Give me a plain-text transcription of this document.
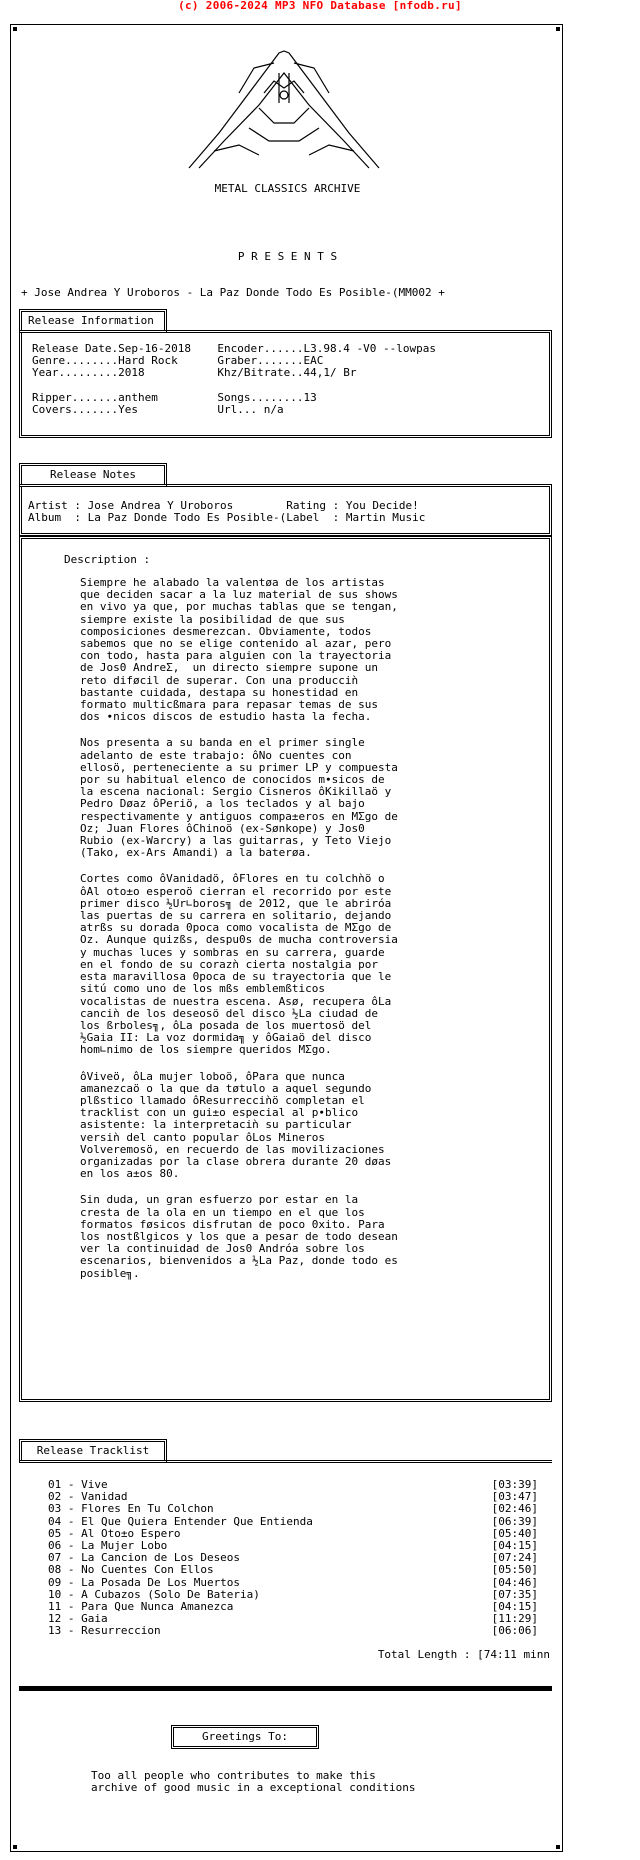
(c) 2006-2024 MP3 NFO Database [nfodb.ru]
METAL CLASSICS ARCHIVE
P R E S E N T S
+ Jose Andrea Y Uroboros - La Paz Donde Todo Es Posible-(MM002 +
Release Information
Release Date.Sep-16-2018    Encoder......L3.98.4 -V0 --lowpas
Genre........Hard Rock      Graber.......EAC
Year.........2018           Khz/Bitrate..44,1/ Br

Ripper.......anthem         Songs........13
Covers.......Yes            Url... n/a
Release Notes
Artist : Jose Andrea Y Uroboros        Rating : You Decide!
Album  : La Paz Donde Todo Es Posible-(Label  : Martin Music
Description :
Siempre he alabado la valentøa de los artistas
que deciden sacar a la luz material de sus shows
en vivo ya que, por muchas tablas que se tengan,
siempre existe la posibilidad de que sus
composiciones desmerezcan. Obviamente, todos
sabemos que no se elige contenido al azar, pero
con todo, hasta para alguien con la trayectoria
de Jos0 AndreΣ,  un directo siempre supone un
reto diføcil de superar. Con una producciǹ
bastante cuidada, destapa su honestidad en
formato multicßmara para repasar temas de sus
dos ∙nicos discos de estudio hasta la fecha.
Nos presenta a su banda en el primer single
adelanto de este trabajo: ôNo cuentes con
ellosö, perteneciente a su primer LP y compuesta
por su habitual elenco de conocidos m∙sicos de
la escena nacional: Sergio Cisneros ôKikillaö y
Pedro Døaz ôPeriö, a los teclados y al bajo
respectivamente y antiguos compa±eros en MΣgo de
Oz; Juan Flores ôChinoö (ex-Sønkope) y Jos0
Rubio (ex-Warcry) a las guitarras, y Teto Viejo
(Tako, ex-Ars Amandi) a la baterøa.
Cortes como ôVanidadö, ôFlores en tu colchǹö o
ôAl oto±o esperoö cierran el recorrido por este
primer disco ½Ur∟boros╗ de 2012, que le abriróa
las puertas de su carrera en solitario, dejando
atrßs su dorada 0poca como vocalista de MΣgo de
Oz. Aunque quizßs, despu0s de mucha controversia
y muchas luces y sombras en su carrera, guarde
en el fondo de su corazǹ cierta nostalgia por
esta maravillosa 0poca de su trayectoria que le
sitú como uno de los mßs emblemßticos
vocalistas de nuestra escena. Asø, recupera ôLa
canciǹ de los deseosö del disco ½La ciudad de
los ßrboles╗, ôLa posada de los muertosö del
½Gaia II: La voz dormida╗ y ôGaiaö del disco
hom∟nimo de los siempre queridos MΣgo.
ôVivеö, ôLa mujer loboö, ôPara que nunca
amanezcaö o la que da tøtulo a aquel segundo
plßstico llamado ôResurrecciǹö completan el
tracklist con un gui±o especial al p∙blico
asistente: la interpretaciǹ su particular
versiǹ del canto popular ôLos Mineros
Volveremosö, en recuerdo de las movilizaciones
organizadas por la clase obrera durante 20 døas
en los a±os 80.
Sin duda, un gran esfuerzo por estar en la
cresta de la ola en un tiempo en el que los
formatos føsicos disfrutan de poco 0xito. Para
los nostßlgicos y los que a pesar de todo desean
ver la continuidad de Jos0 Andróa sobre los
escenarios, bienvenidos a ½La Paz, donde todo es
posible╗.
Release Tracklist
01 - Vive	[03:39]
02 - Vanidad	[03:47]
03 - Flores En Tu Colchon	[02:46]
04 - El Que Quiera Entender Que Entienda	[06:39]
05 - Al Oto±o Espero	[05:40]
06 - La Mujer Lobo	[04:15]
07 - La Cancion de Los Deseos	[07:24]
08 - No Cuentes Con Ellos	[05:50]
09 - La Posada De Los Muertos	[04:46]
10 - A Cubazos (Solo De Bateria)	[07:35]
11 - Para Que Nunca Amanezca	[04:15]
12 - Gaia	[11:29]
13 - Resurreccion	[06:06]
Total Length : [74:11 minn
Greetings To:
Too all people who contributes to make this
archive of good music in a exceptional conditions
